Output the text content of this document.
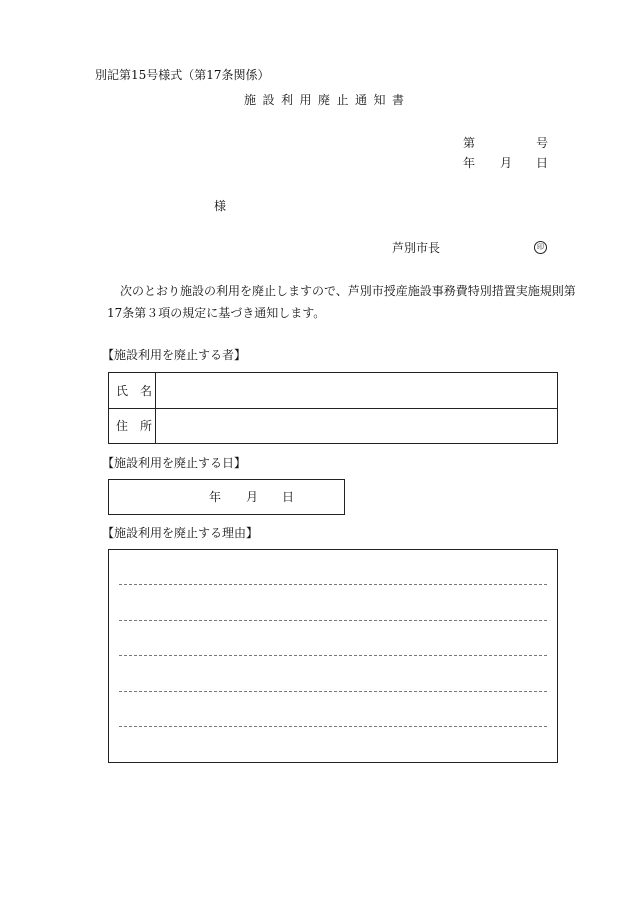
別記第15号様式（第17条関係）
施設利用廃止通知書
第	号
年 月 日
様
芦別市長	印
次のとおり施設の利用を廃止しますので、芦別市授産施設事務費特別措置実施規則第
17条第３項の規定に基づき通知します。
【施設利用を廃止する者】
氏　名
住　所
【施設利用を廃止する日】
年 月 日
【施設利用を廃止する理由】
